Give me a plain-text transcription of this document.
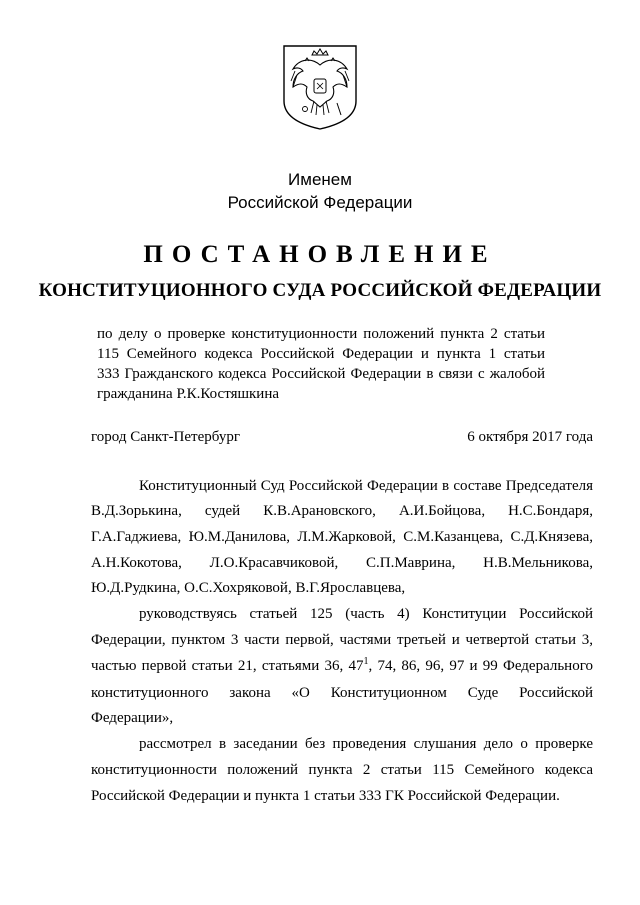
Именем
Российской Федерации
ПОСТАНОВЛЕНИЕ
КОНСТИТУЦИОННОГО СУДА РОССИЙСКОЙ ФЕДЕРАЦИИ
по делу о проверке конституционности положений пункта 2 статьи
115 Семейного кодекса Российской Федерации и пункта 1 статьи
333 Гражданского кодекса Российской Федерации в связи с жалобой
гражданина Р.К.Костяшкина
город Санкт-Петербург	6 октября 2017 года
Конституционный Суд Российской Федерации в составе Председателя
В.Д.Зорькина, судей К.В.Арановского, А.И.Бойцова, Н.С.Бондаря,
Г.А.Гаджиева, Ю.М.Данилова, Л.М.Жарковой, С.М.Казанцева, С.Д.Князева,
А.Н.Кокотова, Л.О.Красавчиковой, С.П.Маврина, Н.В.Мельникова,
Ю.Д.Рудкина, О.С.Хохряковой, В.Г.Ярославцева,
руководствуясь статьей 125 (часть 4) Конституции Российской
Федерации, пунктом 3 части первой, частями третьей и четвертой статьи 3,
частью первой статьи 21, статьями 36, $47^1$, 74, 86, 96, 97 и 99 Федерального
конституционного закона «О Конституционном Суде Российской
Федерации»,
рассмотрел в заседании без проведения слушания дело о проверке
конституционности положений пункта 2 статьи 115 Семейного кодекса
Российской Федерации и пункта 1 статьи 333 ГК Российской Федерации.
